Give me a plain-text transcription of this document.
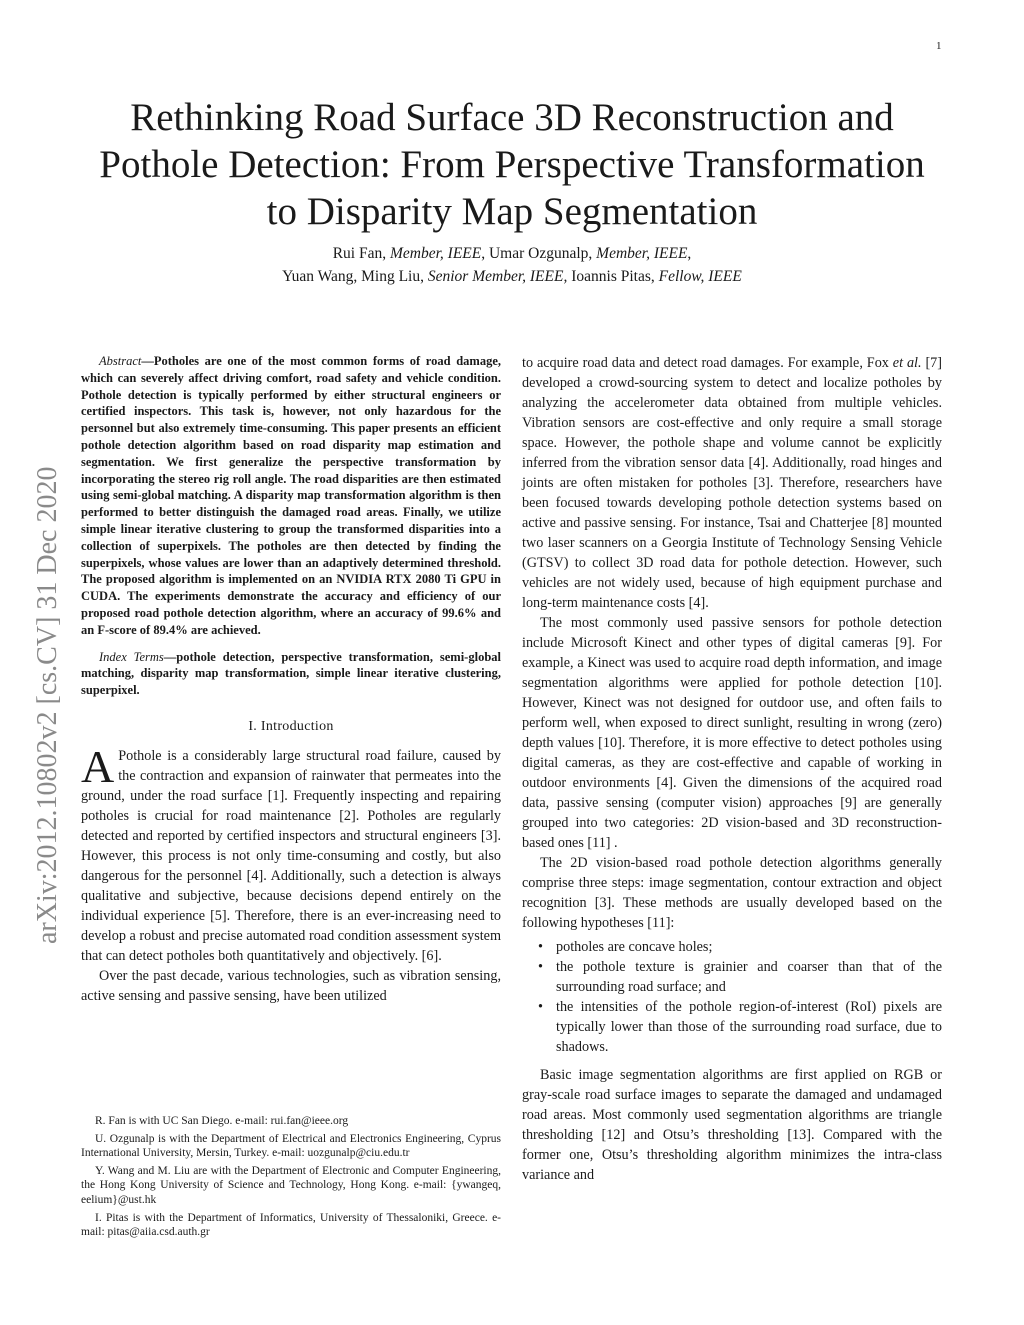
1
Rethinking Road Surface 3D Reconstruction and
Pothole Detection: From Perspective Transformation
to Disparity Map Segmentation
Rui Fan, Member, IEEE, Umar Ozgunalp, Member, IEEE,
Yuan Wang, Ming Liu, Senior Member, IEEE, Ioannis Pitas, Fellow, IEEE
arXiv:2012.10802v2 [cs.CV] 31 Dec 2020

Abstract—Potholes are one of the most common forms of road damage, which can severely affect driving comfort, road safety and vehicle condition. Pothole detection is typically performed by either structural engineers or certified inspectors. This task is, however, not only hazardous for the personnel but also extremely time-consuming. This paper presents an efficient pothole detection algorithm based on road disparity map estimation and segmentation. We first generalize the perspective transformation by incorporating the stereo rig roll angle. The road disparities are then estimated using semi-global matching. A disparity map transformation algorithm is then performed to better distinguish the damaged road areas. Finally, we utilize simple linear iterative clustering to group the transformed disparities into a collection of superpixels. The potholes are then detected by finding the superpixels, whose values are lower than an adaptively determined threshold. The proposed algorithm is implemented on an NVIDIA RTX 2080 Ti GPU in CUDA. The experiments demonstrate the accuracy and efficiency of our proposed road pothole detection algorithm, where an accuracy of 99.6% and an F-score of 89.4% are achieved.

Index Terms—pothole detection, perspective transformation, semi-global matching, disparity map transformation, simple linear iterative clustering, superpixel.

I. Introduction

A Pothole is a considerably large structural road failure, caused by the contraction and expansion of rainwater that permeates into the ground, under the road surface [1]. Frequently inspecting and repairing potholes is crucial for road maintenance [2]. Potholes are regularly detected and reported by certified inspectors and structural engineers [3]. However, this process is not only time-consuming and costly, but also dangerous for the personnel [4]. Additionally, such a detection is always qualitative and subjective, because decisions depend entirely on the individual experience [5]. Therefore, there is an ever-increasing need to develop a robust and precise automated road condition assessment system that can detect potholes both quantitatively and objectively. [6].

Over the past decade, various technologies, such as vibration sensing, active sensing and passive sensing, have been utilized

R. Fan is with UC San Diego. e-mail: rui.fan@ieee.org

U. Ozgunalp is with the Department of Electrical and Electronics Engineering, Cyprus International University, Mersin, Turkey. e-mail: uozgunalp@ciu.edu.tr

Y. Wang and M. Liu are with the Department of Electronic and Computer Engineering, the Hong Kong University of Science and Technology, Hong Kong. e-mail: {ywangeq, eelium}@ust.hk

I. Pitas is with the Department of Informatics, University of Thessaloniki, Greece. e-mail: pitas@aiia.csd.auth.gr

to acquire road data and detect road damages. For example, Fox et al. [7] developed a crowd-sourcing system to detect and localize potholes by analyzing the accelerometer data obtained from multiple vehicles. Vibration sensors are cost-effective and only require a small storage space. However, the pothole shape and volume cannot be explicitly inferred from the vibration sensor data [4]. Additionally, road hinges and joints are often mistaken for potholes [3]. Therefore, researchers have been focused towards developing pothole detection systems based on active and passive sensing. For instance, Tsai and Chatterjee [8] mounted two laser scanners on a Georgia Institute of Technology Sensing Vehicle (GTSV) to collect 3D road data for pothole detection. However, such vehicles are not widely used, because of high equipment purchase and long-term maintenance costs [4].

The most commonly used passive sensors for pothole detection include Microsoft Kinect and other types of digital cameras [9]. For example, a Kinect was used to acquire road depth information, and image segmentation algorithms were applied for pothole detection [10]. However, Kinect was not designed for outdoor use, and often fails to perform well, when exposed to direct sunlight, resulting in wrong (zero) depth values [10]. Therefore, it is more effective to detect potholes using digital cameras, as they are cost-effective and capable of working in outdoor environments [4]. Given the dimensions of the acquired road data, passive sensing (computer vision) approaches [9] are generally grouped into two categories: 2D vision-based and 3D reconstruction-based ones [11] .

The 2D vision-based road pothole detection algorithms generally comprise three steps: image segmentation, contour extraction and object recognition [3]. These methods are usually developed based on the following hypotheses [11]:

• potholes are concave holes;
• the pothole texture is grainier and coarser than that of the surrounding road surface; and
• the intensities of the pothole region-of-interest (RoI) pixels are typically lower than those of the surrounding road surface, due to shadows.

Basic image segmentation algorithms are first applied on RGB or gray-scale road surface images to separate the damaged and undamaged road areas. Most commonly used segmentation algorithms are triangle thresholding [12] and Otsu’s thresholding [13]. Compared with the former one, Otsu’s thresholding algorithm minimizes the intra-class variance and
